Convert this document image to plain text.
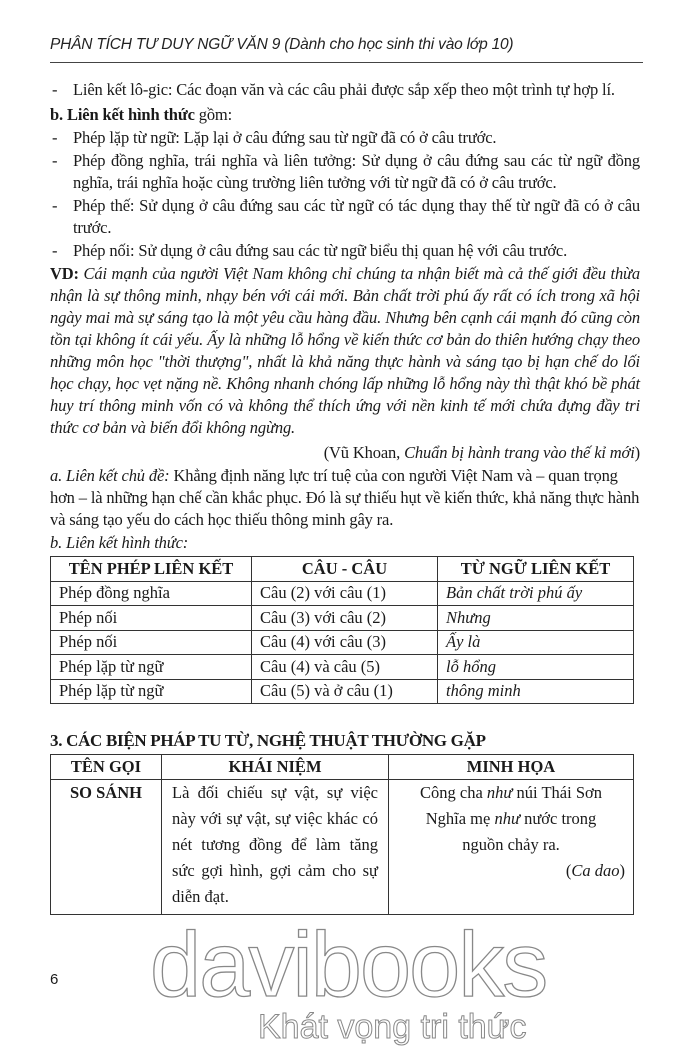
PHÂN TÍCH TƯ DUY NGỮ VĂN 9 (Dành cho học sinh thi vào lớp 10)
- Liên kết lô-gic: Các đoạn văn và các câu phải được sắp xếp theo một trình tự hợp lí.
b. Liên kết hình thức gồm:
- Phép lặp từ ngữ: Lặp lại ở câu đứng sau từ ngữ đã có ở câu trước.
- Phép đồng nghĩa, trái nghĩa và liên tưởng: Sử dụng ở câu đứng sau các từ ngữ đồng nghĩa, trái nghĩa hoặc cùng trường liên tưởng với từ ngữ đã có ở câu trước.
- Phép thế: Sử dụng ở câu đứng sau các từ ngữ có tác dụng thay thế từ ngữ đã có ở câu trước.
- Phép nối: Sử dụng ở câu đứng sau các từ ngữ biểu thị quan hệ với câu trước.
VD: Cái mạnh của người Việt Nam không chỉ chúng ta nhận biết mà cả thế giới đều thừa nhận là sự thông minh, nhạy bén với cái mới. Bản chất trời phú ấy rất có ích trong xã hội ngày mai mà sự sáng tạo là một yêu cầu hàng đầu. Nhưng bên cạnh cái mạnh đó cũng còn tồn tại không ít cái yếu. Ấy là những lỗ hổng về kiến thức cơ bản do thiên hướng chạy theo những môn học "thời thượng", nhất là khả năng thực hành và sáng tạo bị hạn chế do lối học chạy, học vẹt nặng nề. Không nhanh chóng lấp những lỗ hổng này thì thật khó bề phát huy trí thông minh vốn có và không thể thích ứng với nền kinh tế mới chứa đựng đầy tri thức cơ bản và biến đổi không ngừng.
(Vũ Khoan, Chuẩn bị hành trang vào thế kỉ mới)
a. Liên kết chủ đề: Khẳng định năng lực trí tuệ của con người Việt Nam và – quan trọng hơn – là những hạn chế cần khắc phục. Đó là sự thiếu hụt về kiến thức, khả năng thực hành và sáng tạo yếu do cách học thiếu thông minh gây ra.
b. Liên kết hình thức:
TÊN PHÉP LIÊN KẾT	CÂU - CÂU	TỪ NGỮ LIÊN KẾT
Phép đồng nghĩa	Câu (2) với câu (1)	Bản chất trời phú ấy
Phép nối	Câu (3) với câu (2)	Nhưng
Phép nối	Câu (4) với câu (3)	Ấy là
Phép lặp từ ngữ	Câu (4) và câu (5)	lỗ hổng
Phép lặp từ ngữ	Câu (5) và ở câu (1)	thông minh
3. CÁC BIỆN PHÁP TU TỪ, NGHỆ THUẬT THƯỜNG GẶP
TÊN GỌI	KHÁI NIỆM	MINH HỌA
SO SÁNH	Là đối chiếu sự vật, sự việc này với sự vật, sự việc khác có nét tương đồng để làm tăng sức gợi hình, gợi cảm cho sự diễn đạt.	Công cha như núi Thái Sơn
Nghĩa mẹ như nước trong
nguồn chảy ra.
(Ca dao)
6 davibooks
Khát vọng tri thức
